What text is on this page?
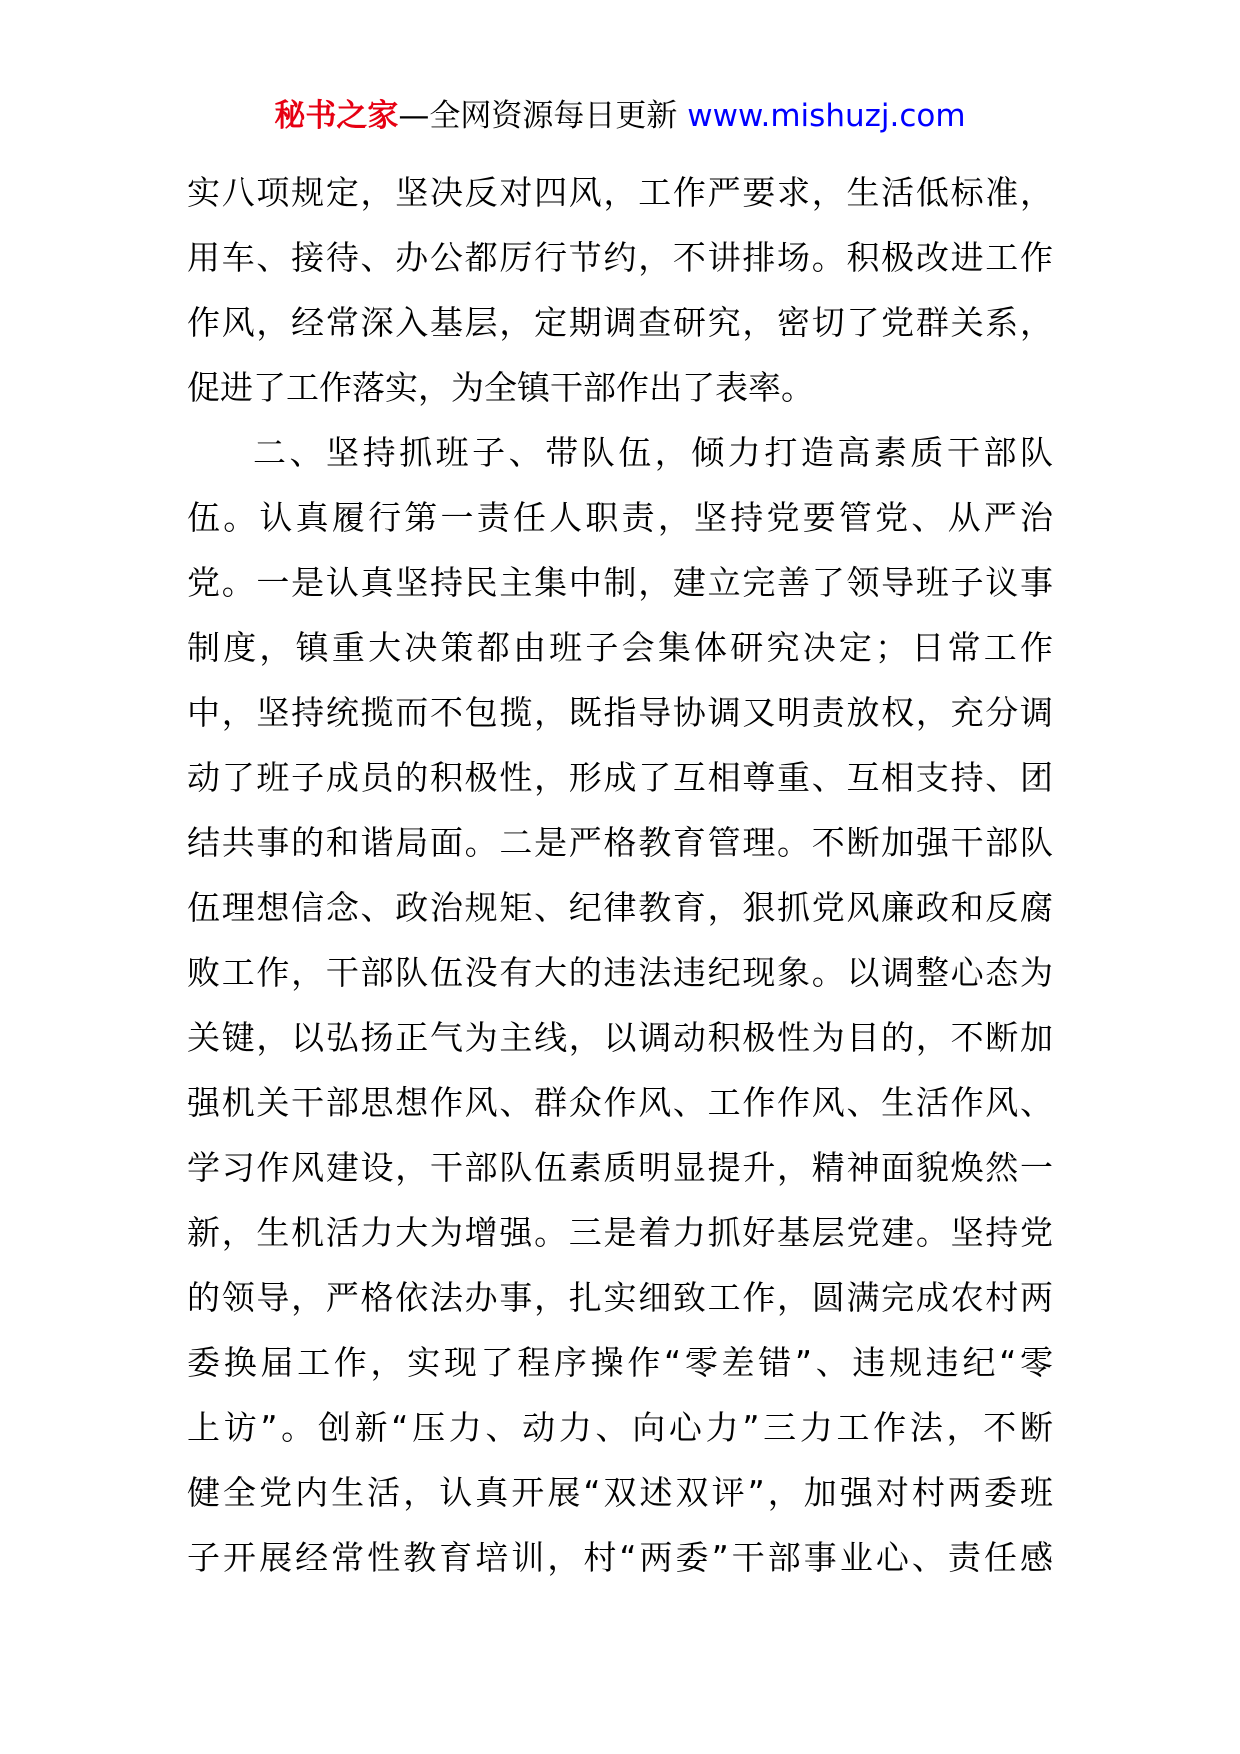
秘书之家—全网资源每日更新 www.mishuzj.com
实八项规定，坚决反对四风，工作严要求，生活低标准，
用车、接待、办公都厉行节约，不讲排场。积极改进工作
作风，经常深入基层，定期调查研究，密切了党群关系，
促进了工作落实，为全镇干部作出了表率。
二、坚持抓班子、带队伍，倾力打造高素质干部队
伍。认真履行第一责任人职责，坚持党要管党、从严治
党。一是认真坚持民主集中制，建立完善了领导班子议事
制度，镇重大决策都由班子会集体研究决定；日常工作
中，坚持统揽而不包揽，既指导协调又明责放权，充分调
动了班子成员的积极性，形成了互相尊重、互相支持、团
结共事的和谐局面。二是严格教育管理。不断加强干部队
伍理想信念、政治规矩、纪律教育，狠抓党风廉政和反腐
败工作，干部队伍没有大的违法违纪现象。以调整心态为
关键，以弘扬正气为主线，以调动积极性为目的，不断加
强机关干部思想作风、群众作风、工作作风、生活作风、
学习作风建设，干部队伍素质明显提升，精神面貌焕然一
新，生机活力大为增强。三是着力抓好基层党建。坚持党
的领导，严格依法办事，扎实细致工作，圆满完成农村两
委换届工作，实现了程序操作“零差错”、违规违纪“零
上访”。创新“压力、动力、向心力”三力工作法，不断
健全党内生活，认真开展“双述双评”，加强对村两委班
子开展经常性教育培训，村“两委”干部事业心、责任感
